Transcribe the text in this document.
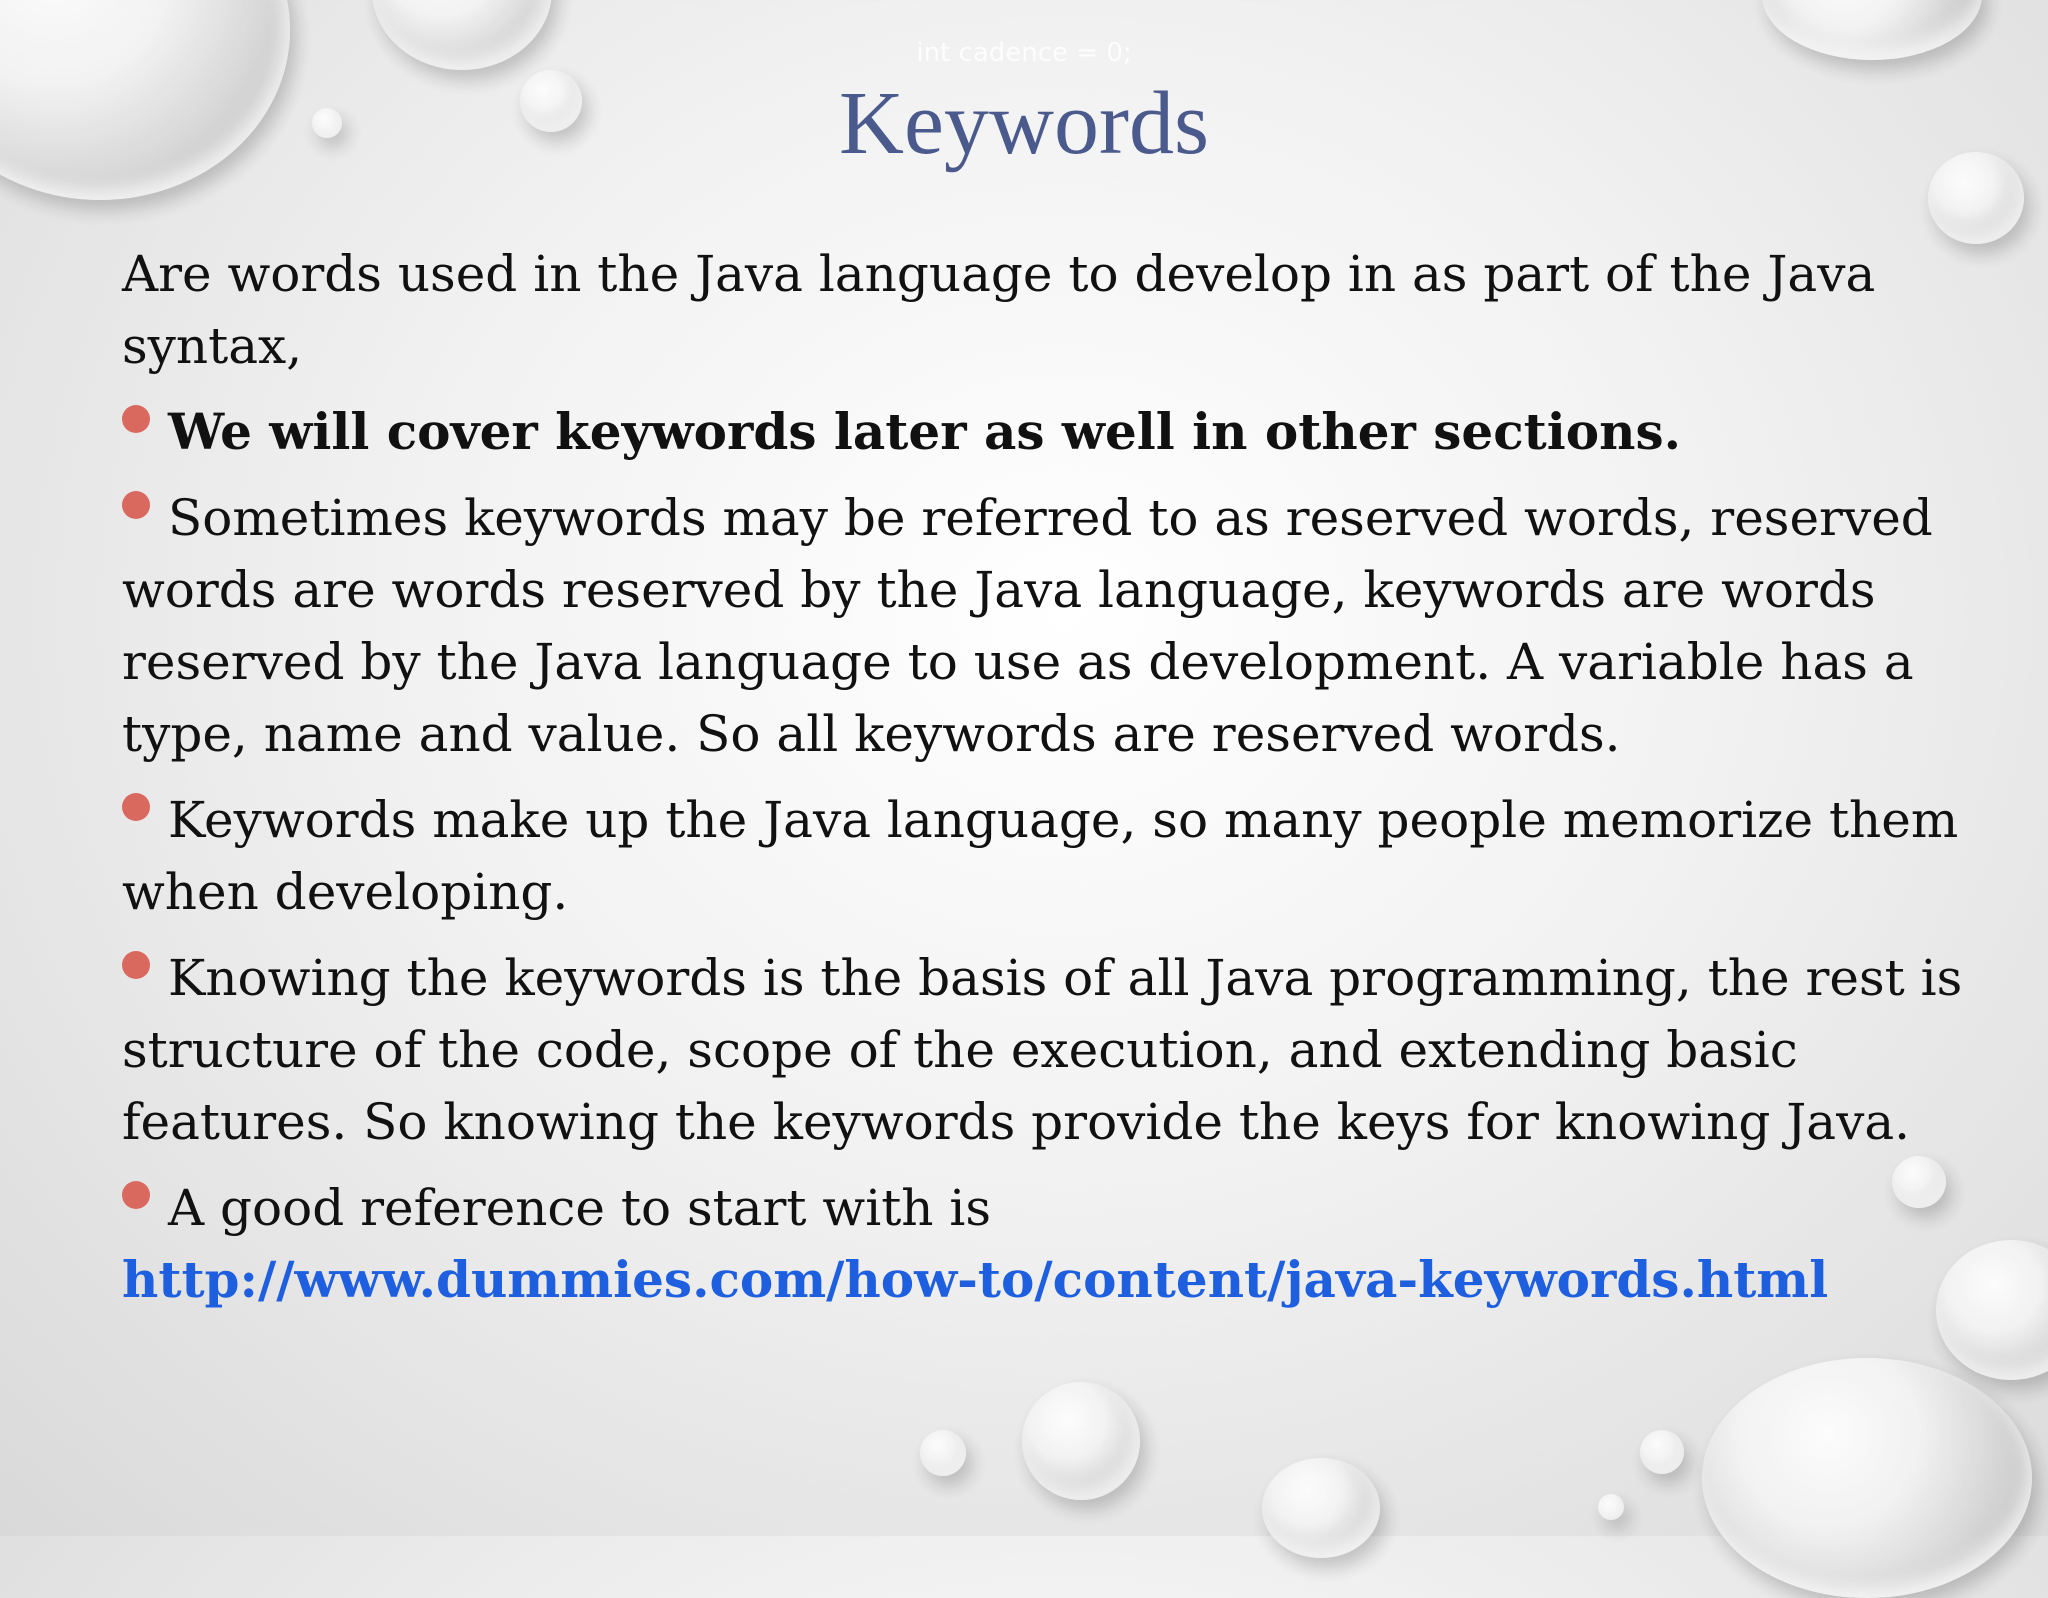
int cadence = 0;
Keywords

Are words used in the Java language to develop in as part of the Java syntax,

We will cover keywords later as well in other sections.

Sometimes keywords may be referred to as reserved words, reserved words are words reserved by the Java language, keywords are words reserved by the Java language to use as development. A variable has a type, name and value. So all keywords are reserved words.

Keywords make up the Java language, so many people memorize them when developing.

Knowing the keywords is the basis of all Java programming, the rest is structure of the code, scope of the execution, and extending basic features. So knowing the keywords provide the keys for knowing Java.

A good reference to start with is
http://www.dummies.com/how-to/content/java-keywords.html
